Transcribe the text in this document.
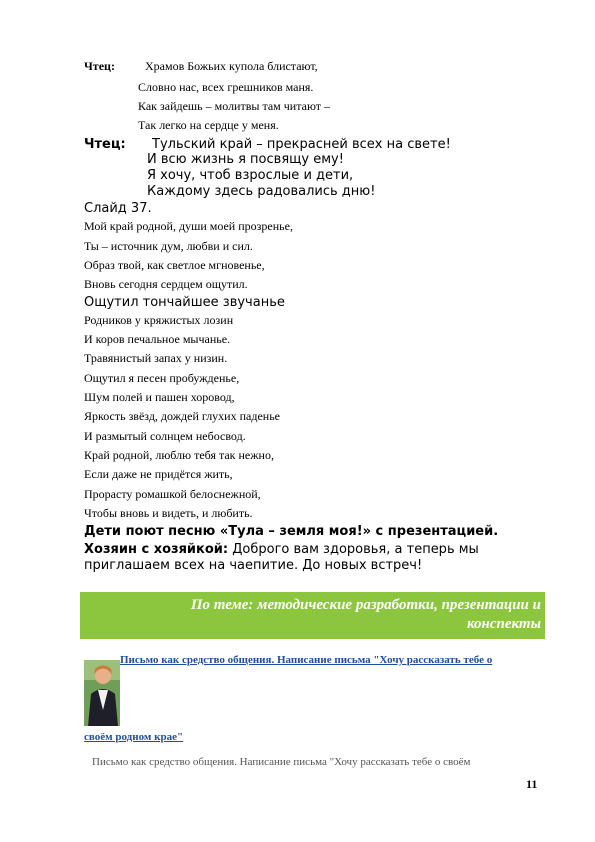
Чтец:	Храмов Божьих купола блистают,
Словно нас, всех грешников маня.
Как зайдешь – молитвы там читают –
Так легко на сердце у меня.
Чтец: Тульский край – прекрасней всех на свете!
И всю жизнь я посвящу ему!
Я хочу, чтоб взрослые и дети,
Каждому здесь радовались дню!
Слайд 37.
Мой край родной, души моей прозренье,
Ты – источник дум, любви и сил.
Образ твой, как светлое мгновенье,
Вновь сегодня сердцем ощутил.
Ощутил тончайшее звучанье
Родников у кряжистых лозин
И коров печальное мычанье.
Травянистый запах у низин.
Ощутил я песен пробужденье,
Шум полей и пашен хоровод,
Яркость звёзд, дождей глухих паденье
И размытый солнцем небосвод.
Край родной, люблю тебя так нежно,
Если даже не придётся жить,
Прорасту ромашкой белоснежной,
Чтобы вновь и видеть, и любить.
Дети поют песню «Тула – земля моя!» с презентацией.
Хозяин с хозяйкой: Доброго вам здоровья, а теперь мы
приглашаем всех на чаепитие. До новых встреч!
По теме: методические разработки, презентации и
конспекты
Письмо как средство общения. Написание письма "Хочу рассказать тебе о
своём родном крае"
Письмо как средство общения. Написание письма "Хочу рассказать тебе о своём
11
